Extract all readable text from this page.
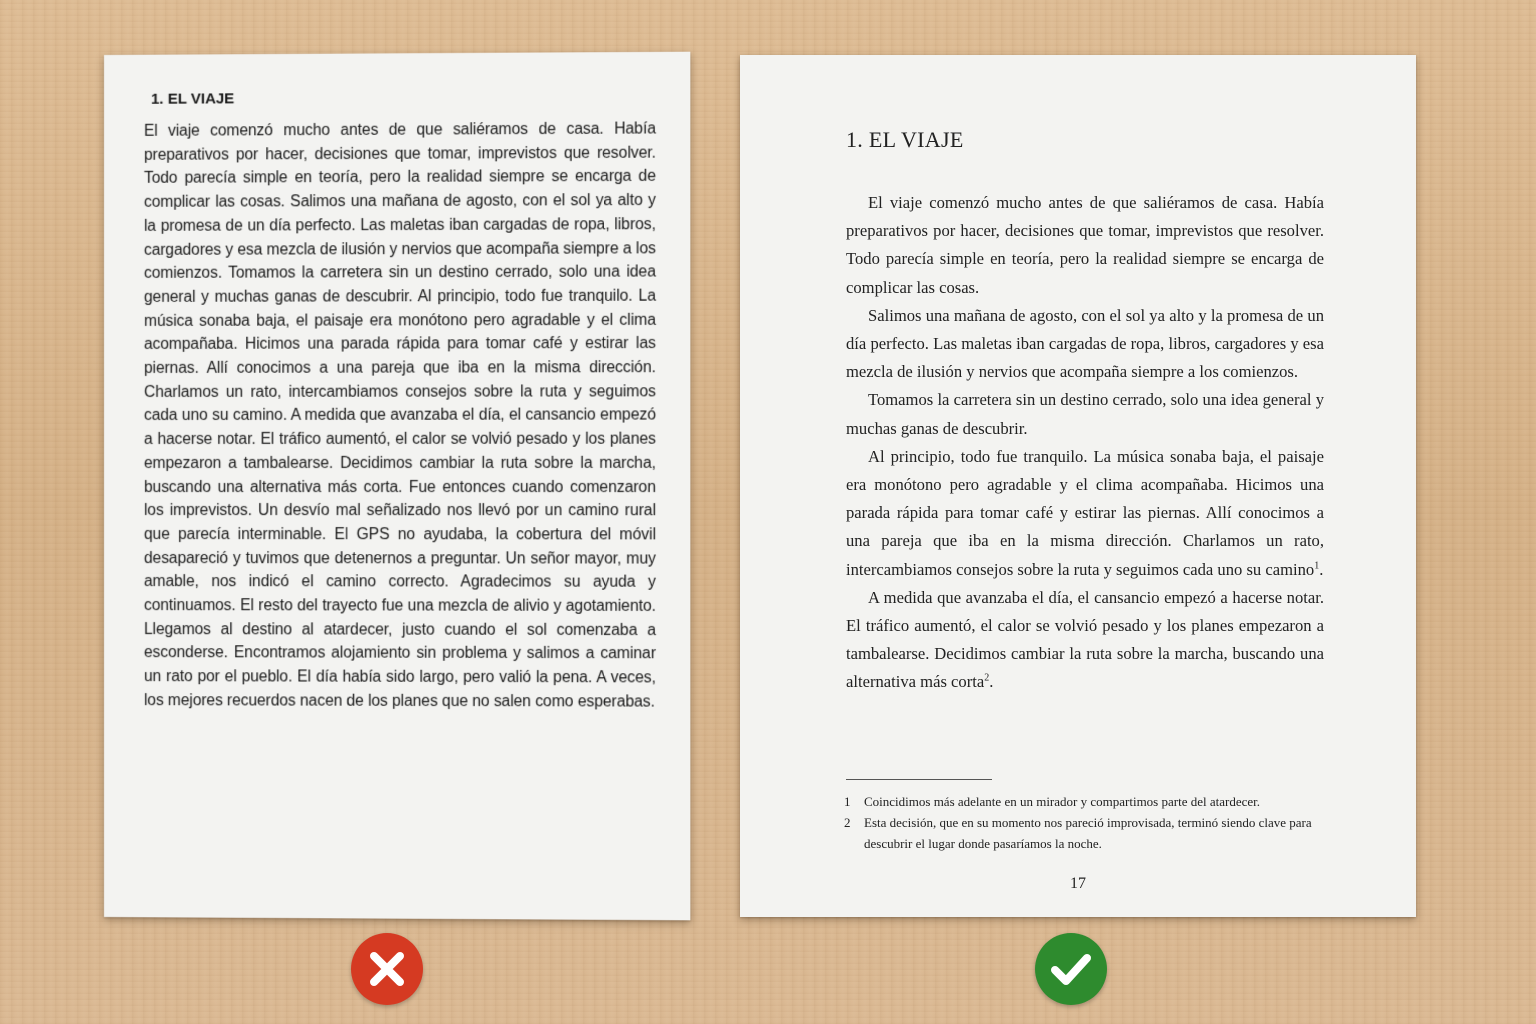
1. EL VIAJE

El viaje comenzó mucho antes de que saliéramos de casa. Había preparativos por hacer, decisiones que tomar, imprevistos que resolver. Todo parecía simple en teoría, pero la realidad siempre se encarga de complicar las cosas. Salimos una mañana de agosto, con el sol ya alto y la promesa de un día perfecto. Las maletas iban cargadas de ropa, libros, cargadores y esa mezcla de ilusión y nervios que acompaña siempre a los comienzos. Tomamos la carretera sin un destino cerrado, solo una idea general y muchas ganas de descubrir. Al principio, todo fue tranquilo. La música sonaba baja, el paisaje era monótono pero agradable y el clima acompañaba. Hicimos una parada rápida para tomar café y estirar las piernas. Allí conocimos a una pareja que iba en la misma dirección. Charlamos un rato, intercambiamos consejos sobre la ruta y seguimos cada uno su camino. A medida que avanzaba el día, el cansancio empezó a hacerse notar. El tráfico aumentó, el calor se volvió pesado y los planes empezaron a tambalearse. Decidimos cambiar la ruta sobre la marcha, buscando una alternativa más corta. Fue entonces cuando comenzaron los imprevistos. Un desvío mal señalizado nos llevó por un camino rural que parecía interminable. El GPS no ayudaba, la cobertura del móvil desapareció y tuvimos que detenernos a preguntar. Un señor mayor, muy amable, nos indicó el camino correcto. Agradecimos su ayuda y continuamos. El resto del trayecto fue una mezcla de alivio y agotamiento. Llegamos al destino al atardecer, justo cuando el sol comenzaba a esconderse. Encontramos alojamiento sin problema y salimos a caminar un rato por el pueblo. El día había sido largo, pero valió la pena. A veces, los mejores recuerdos nacen de los planes que no salen como esperabas.

1. EL VIAJE

El viaje comenzó mucho antes de que saliéramos de casa. Había preparativos por hacer, decisiones que tomar, imprevistos que resolver. Todo parecía simple en teoría, pero la realidad siempre se encarga de complicar las cosas.

Salimos una mañana de agosto, con el sol ya alto y la promesa de un día perfecto. Las maletas iban cargadas de ropa, libros, cargadores y esa mezcla de ilusión y nervios que acompaña siempre a los comienzos.

Tomamos la carretera sin un destino cerrado, solo una idea general y muchas ganas de descubrir.

Al principio, todo fue tranquilo. La música sonaba baja, el paisaje era monótono pero agradable y el clima acompañaba. Hicimos una parada rápida para tomar café y estirar las piernas. Allí conocimos a una pareja que iba en la misma dirección. Charlamos un rato, intercambiamos consejos sobre la ruta y seguimos cada uno su camino$^1$.

A medida que avanzaba el día, el cansancio empezó a hacerse notar. El tráfico aumentó, el calor se volvió pesado y los planes empezaron a tambalearse. Decidimos cambiar la ruta sobre la marcha, buscando una alternativa más corta$^2$.

1	Coincidimos más adelante en un mirador y compartimos parte del atardecer.
2	Esta decisión, que en su momento nos pareció improvisada, terminó siendo clave para descubrir el lugar donde pasaríamos la noche.
17
